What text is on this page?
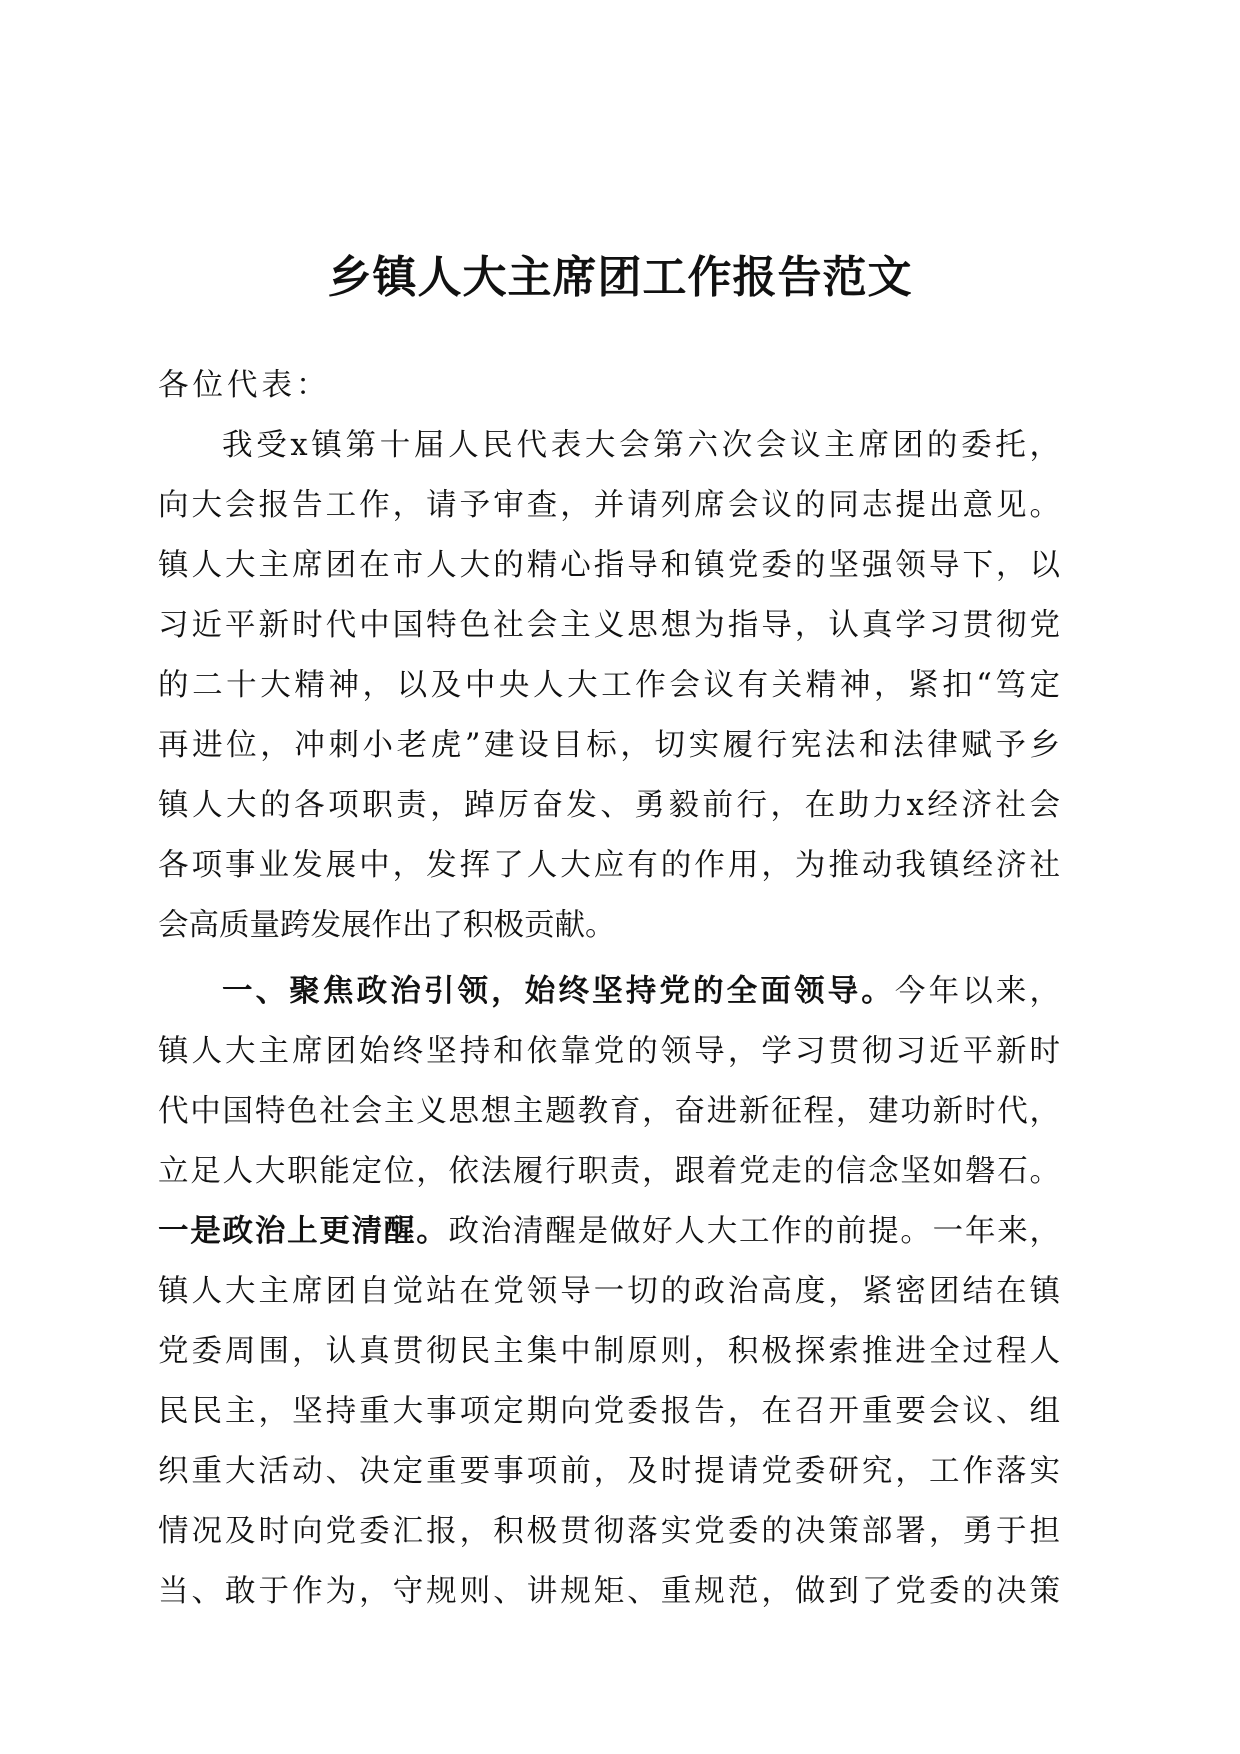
乡镇人大主席团工作报告范文
各位代表：
我受x镇第十届人民代表大会第六次会议主席团的委托，
向大会报告工作，请予审查，并请列席会议的同志提出意见。
镇人大主席团在市人大的精心指导和镇党委的坚强领导下，以
习近平新时代中国特色社会主义思想为指导，认真学习贯彻党
的二十大精神，以及中央人大工作会议有关精神，紧扣“笃定
再进位，冲刺小老虎”建设目标，切实履行宪法和法律赋予乡
镇人大的各项职责，踔厉奋发、勇毅前行，在助力x经济社会
各项事业发展中，发挥了人大应有的作用，为推动我镇经济社
会高质量跨发展作出了积极贡献。
一、聚焦政治引领，始终坚持党的全面领导。今年以来，
镇人大主席团始终坚持和依靠党的领导，学习贯彻习近平新时
代中国特色社会主义思想主题教育，奋进新征程，建功新时代，
立足人大职能定位，依法履行职责，跟着党走的信念坚如磐石。
一是政治上更清醒。政治清醒是做好人大工作的前提。一年来，
镇人大主席团自觉站在党领导一切的政治高度，紧密团结在镇
党委周围，认真贯彻民主集中制原则，积极探索推进全过程人
民民主，坚持重大事项定期向党委报告，在召开重要会议、组
织重大活动、决定重要事项前，及时提请党委研究，工作落实
情况及时向党委汇报，积极贯彻落实党委的决策部署，勇于担
当、敢于作为，守规则、讲规矩、重规范，做到了党委的决策
